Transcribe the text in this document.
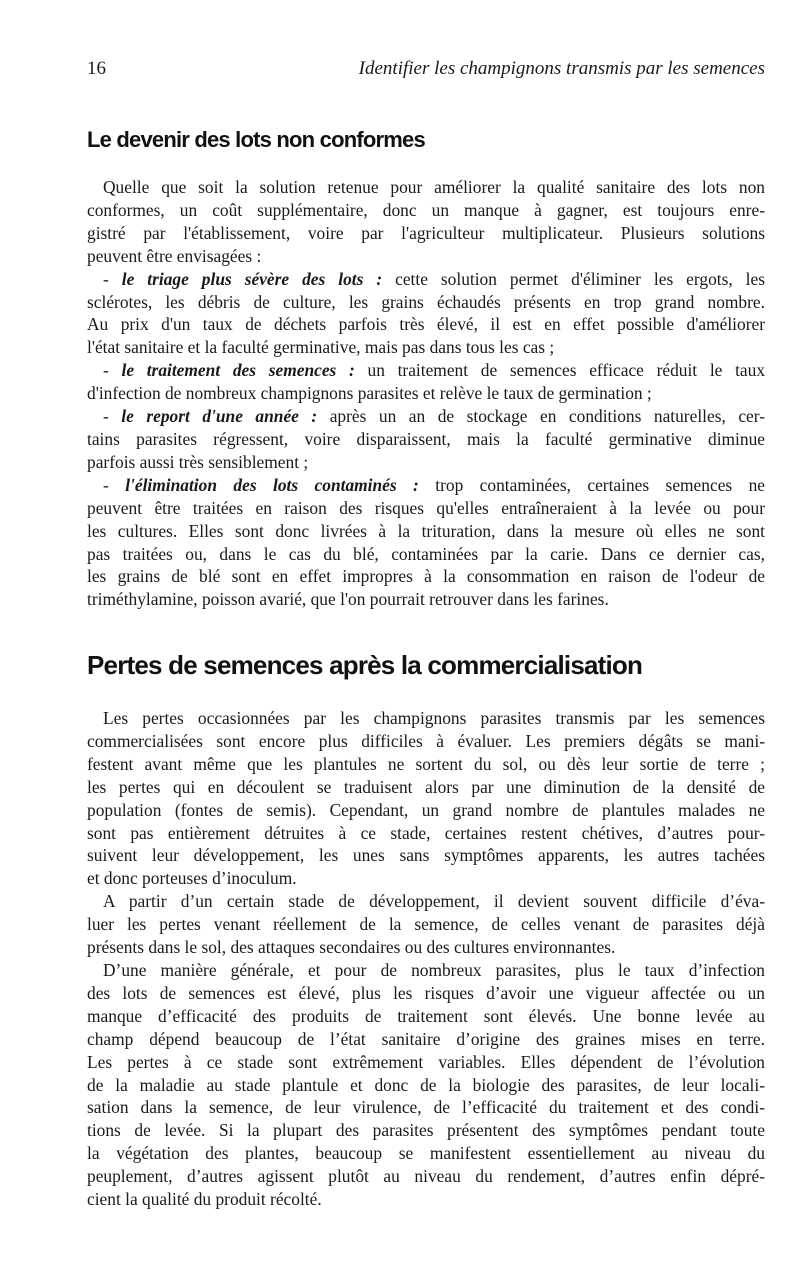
16	Identifier les champignons transmis par les semences
Le devenir des lots non conformes
Quelle que soit la solution retenue pour améliorer la qualité sanitaire des lots non
conformes, un coût supplémentaire, donc un manque à gagner, est toujours enre-
gistré par l'établissement, voire par l'agriculteur multiplicateur. Plusieurs solutions
peuvent être envisagées :
- le triage plus sévère des lots : cette solution permet d'éliminer les ergots, les
sclérotes, les débris de culture, les grains échaudés présents en trop grand nombre.
Au prix d'un taux de déchets parfois très élevé, il est en effet possible d'améliorer
l'état sanitaire et la faculté germinative, mais pas dans tous les cas ;
- le traitement des semences : un traitement de semences efficace réduit le taux
d'infection de nombreux champignons parasites et relève le taux de germination ;
- le report d'une année : après un an de stockage en conditions naturelles, cer-
tains parasites régressent, voire disparaissent, mais la faculté germinative diminue
parfois aussi très sensiblement ;
- l'élimination des lots contaminés : trop contaminées, certaines semences ne
peuvent être traitées en raison des risques qu'elles entraîneraient à la levée ou pour
les cultures. Elles sont donc livrées à la trituration, dans la mesure où elles ne sont
pas traitées ou, dans le cas du blé, contaminées par la carie. Dans ce dernier cas,
les grains de blé sont en effet impropres à la consommation en raison de l'odeur de
triméthylamine, poisson avarié, que l'on pourrait retrouver dans les farines.
Pertes de semences après la commercialisation
Les pertes occasionnées par les champignons parasites transmis par les semences
commercialisées sont encore plus difficiles à évaluer. Les premiers dégâts se mani-
festent avant même que les plantules ne sortent du sol, ou dès leur sortie de terre ;
les pertes qui en découlent se traduisent alors par une diminution de la densité de
population (fontes de semis). Cependant, un grand nombre de plantules malades ne
sont pas entièrement détruites à ce stade, certaines restent chétives, d’autres pour-
suivent leur développement, les unes sans symptômes apparents, les autres tachées
et donc porteuses d’inoculum.
A partir d’un certain stade de développement, il devient souvent difficile d’éva-
luer les pertes venant réellement de la semence, de celles venant de parasites déjà
présents dans le sol, des attaques secondaires ou des cultures environnantes.
D’une manière générale, et pour de nombreux parasites, plus le taux d’infection
des lots de semences est élevé, plus les risques d’avoir une vigueur affectée ou un
manque d’efficacité des produits de traitement sont élevés. Une bonne levée au
champ dépend beaucoup de l’état sanitaire d’origine des graines mises en terre.
Les pertes à ce stade sont extrêmement variables. Elles dépendent de l’évolution
de la maladie au stade plantule et donc de la biologie des parasites, de leur locali-
sation dans la semence, de leur virulence, de l’efficacité du traitement et des condi-
tions de levée. Si la plupart des parasites présentent des symptômes pendant toute
la végétation des plantes, beaucoup se manifestent essentiellement au niveau du
peuplement, d’autres agissent plutôt au niveau du rendement, d’autres enfin dépré-
cient la qualité du produit récolté.
